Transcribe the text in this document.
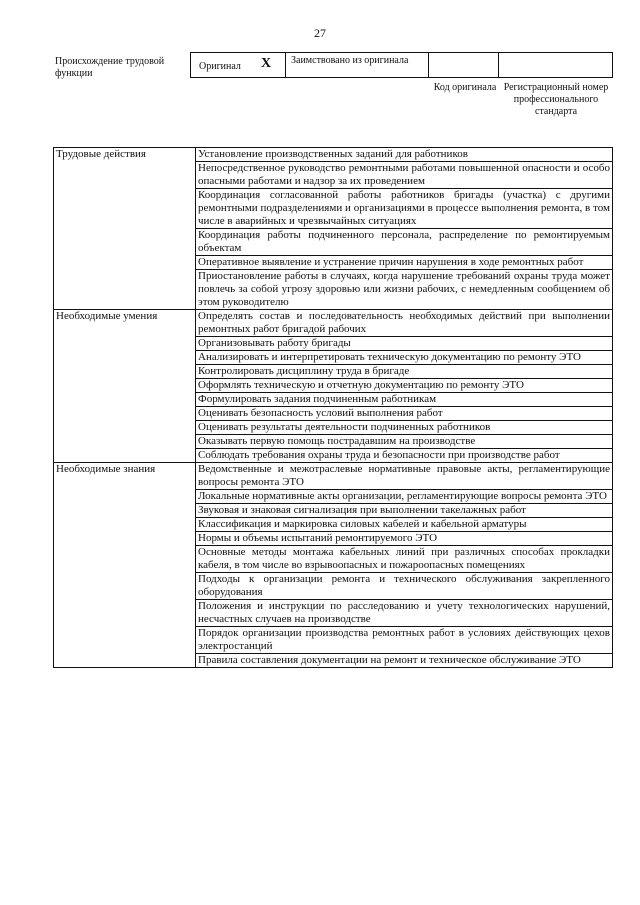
27
Происхождение трудовой функции
Оригинал X	Заимствовано из оригинала
Код оригинала Регистрационный номер профессионального стандарта
Трудовые действия	Установление производственных заданий для работников
	Непосредственное руководство ремонтными работами повышенной опасности и особо опасными работами и надзор за их проведением
	Координация согласованной работы работников бригады (участка) с другими ремонтными подразделениями и организациями в процессе выполнения ремонта, в том числе в аварийных и чрезвычайных ситуациях
	Координация работы подчиненного персонала, распределение по ремонтируемым объектам
	Оперативное выявление и устранение причин нарушения в ходе ремонтных работ
	Приостановление работы в случаях, когда нарушение требований охраны труда может повлечь за собой угрозу здоровью или жизни рабочих, с немедленным сообщением об этом руководителю
Необходимые умения	Определять состав и последовательность необходимых действий при выполнении ремонтных работ бригадой рабочих
	Организовывать работу бригады
	Анализировать и интерпретировать техническую документацию по ремонту ЭТО
	Контролировать дисциплину труда в бригаде
	Оформлять техническую и отчетную документацию по ремонту ЭТО
	Формулировать задания подчиненным работникам
	Оценивать безопасность условий выполнения работ
	Оценивать результаты деятельности подчиненных работников
	Оказывать первую помощь пострадавшим на производстве
	Соблюдать требования охраны труда и безопасности при производстве работ
Необходимые знания	Ведомственные и межотраслевые нормативные правовые акты, регламентирующие вопросы ремонта ЭТО
	Локальные нормативные акты организации, регламентирующие вопросы ремонта ЭТО
	Звуковая и знаковая сигнализация при выполнении такелажных работ
	Классификация и маркировка силовых кабелей и кабельной арматуры
	Нормы и объемы испытаний ремонтируемого ЭТО
	Основные методы монтажа кабельных линий при различных способах прокладки кабеля, в том числе во взрывоопасных и пожароопасных помещениях
	Подходы к организации ремонта и технического обслуживания закрепленного оборудования
	Положения и инструкции по расследованию и учету технологических нарушений, несчастных случаев на производстве
	Порядок организации производства ремонтных работ в условиях действующих цехов электростанций
	Правила составления документации на ремонт и техническое обслуживание ЭТО
